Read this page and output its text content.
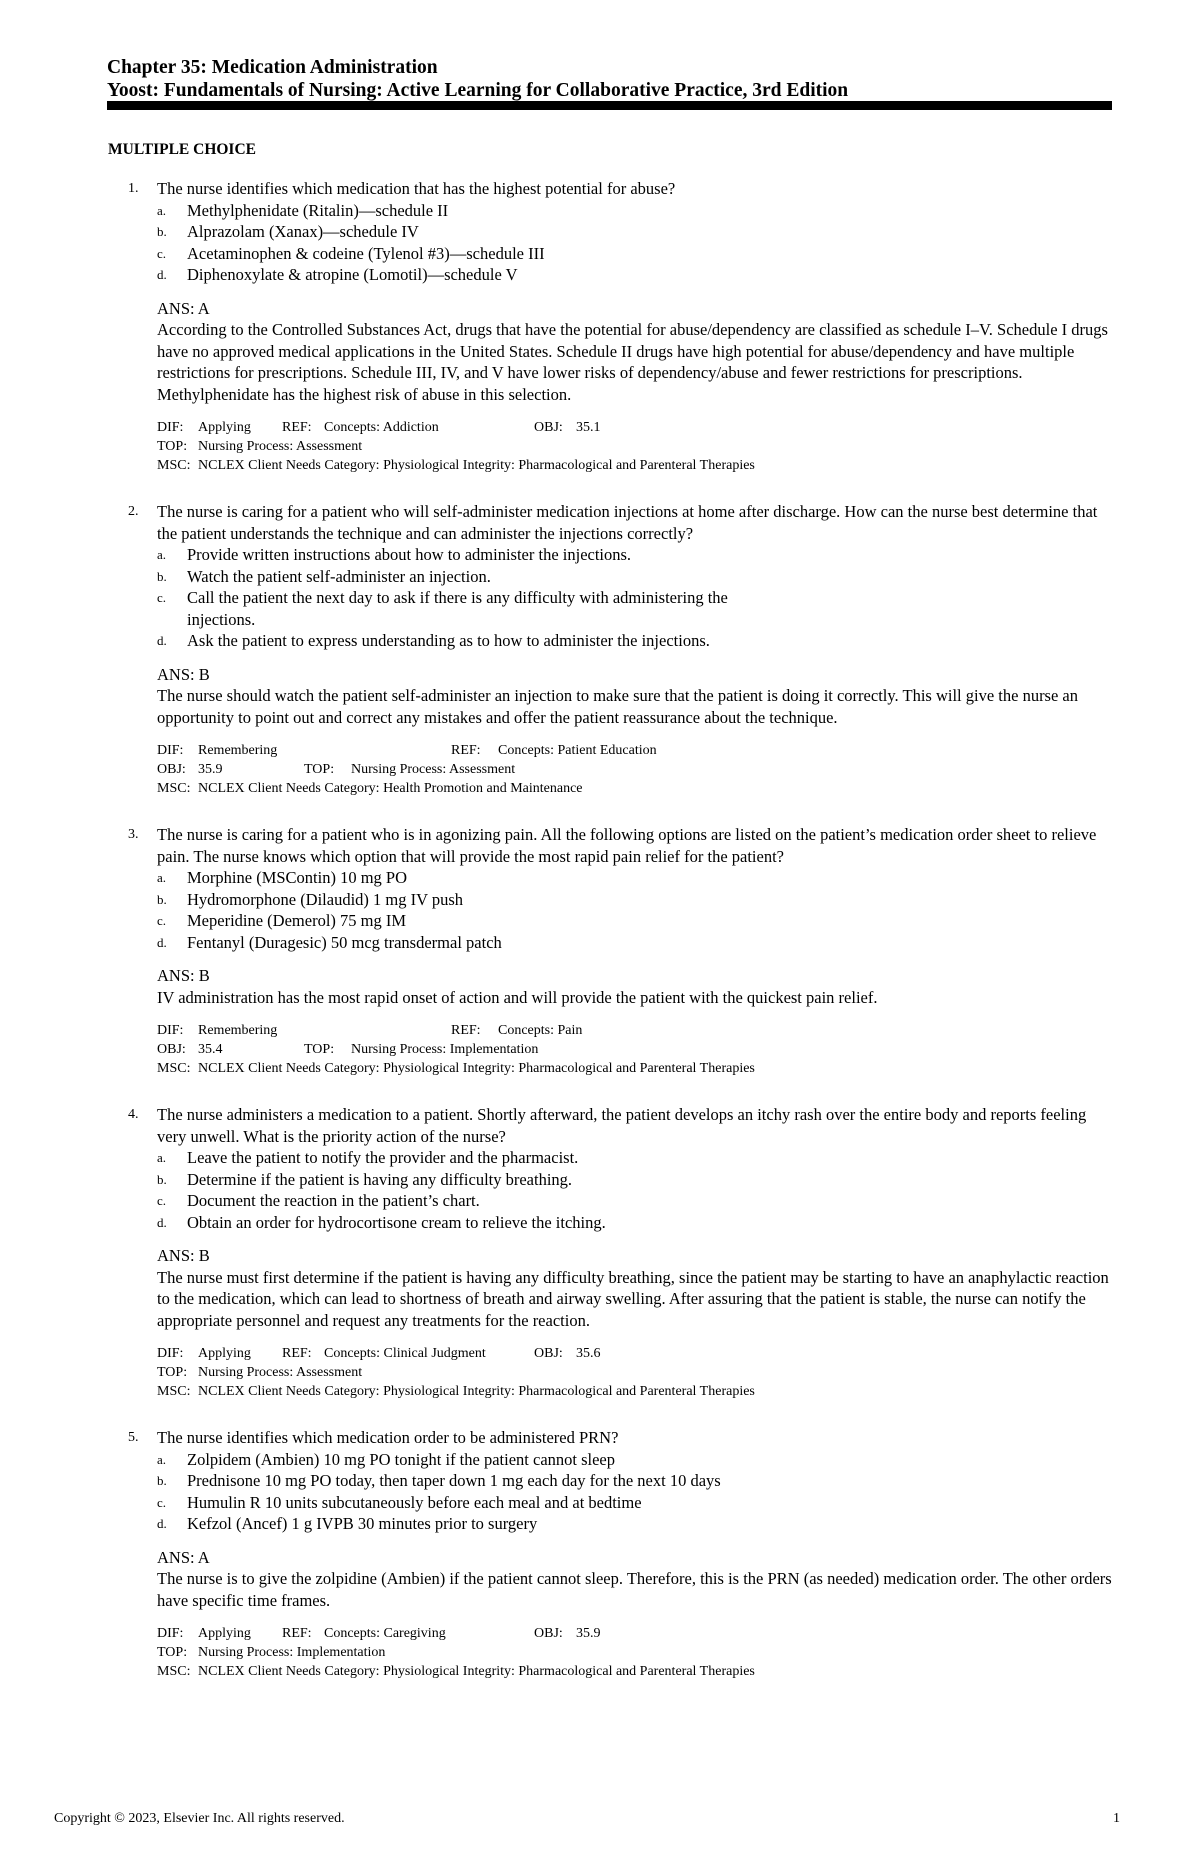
Chapter 35: Medication Administration
Yoost: Fundamentals of Nursing: Active Learning for Collaborative Practice, 3rd Edition
MULTIPLE CHOICE
1. The nurse identifies which medication that has the highest potential for abuse?
a. Methylphenidate (Ritalin)—schedule II
b. Alprazolam (Xanax)—schedule IV
c. Acetaminophen & codeine (Tylenol #3)—schedule III
d. Diphenoxylate & atropine (Lomotil)—schedule V
ANS: A
According to the Controlled Substances Act, drugs that have the potential for abuse/dependency are classified as schedule I–V. Schedule I drugs have no approved medical applications in the United States. Schedule II drugs have high potential for abuse/dependency and have multiple restrictions for prescriptions. Schedule III, IV, and V have lower risks of dependency/abuse and fewer restrictions for prescriptions. Methylphenidate has the highest risk of abuse in this selection.
DIF: Applying REF: Concepts: Addiction	OBJ: 35.1
TOP: Nursing Process: Assessment
MSC: NCLEX Client Needs Category: Physiological Integrity: Pharmacological and Parenteral Therapies
2. The nurse is caring for a patient who will self-administer medication injections at home after discharge. How can the nurse best determine that the patient understands the technique and can administer the injections correctly?
a. Provide written instructions about how to administer the injections.
b. Watch the patient self-administer an injection.
c. Call the patient the next day to ask if there is any difficulty with administering the injections.
d. Ask the patient to express understanding as to how to administer the injections.
ANS: B
The nurse should watch the patient self-administer an injection to make sure that the patient is doing it correctly. This will give the nurse an opportunity to point out and correct any mistakes and offer the patient reassurance about the technique.
DIF: Remembering	REF: Concepts: Patient Education
OBJ: 35.9	TOP: Nursing Process: Assessment
MSC: NCLEX Client Needs Category: Health Promotion and Maintenance
3. The nurse is caring for a patient who is in agonizing pain. All the following options are listed on the patient’s medication order sheet to relieve pain. The nurse knows which option that will provide the most rapid pain relief for the patient?
a. Morphine (MSContin) 10 mg PO
b. Hydromorphone (Dilaudid) 1 mg IV push
c. Meperidine (Demerol) 75 mg IM
d. Fentanyl (Duragesic) 50 mcg transdermal patch
ANS: B
IV administration has the most rapid onset of action and will provide the patient with the quickest pain relief.
DIF: Remembering	REF: Concepts: Pain
OBJ: 35.4	TOP: Nursing Process: Implementation
MSC: NCLEX Client Needs Category: Physiological Integrity: Pharmacological and Parenteral Therapies
4. The nurse administers a medication to a patient. Shortly afterward, the patient develops an itchy rash over the entire body and reports feeling very unwell. What is the priority action of the nurse?
a. Leave the patient to notify the provider and the pharmacist.
b. Determine if the patient is having any difficulty breathing.
c. Document the reaction in the patient’s chart.
d. Obtain an order for hydrocortisone cream to relieve the itching.
ANS: B
The nurse must first determine if the patient is having any difficulty breathing, since the patient may be starting to have an anaphylactic reaction to the medication, which can lead to shortness of breath and airway swelling. After assuring that the patient is stable, the nurse can notify the appropriate personnel and request any treatments for the reaction.
DIF: Applying REF: Concepts: Clinical Judgment	OBJ: 35.6
TOP: Nursing Process: Assessment
MSC: NCLEX Client Needs Category: Physiological Integrity: Pharmacological and Parenteral Therapies
5. The nurse identifies which medication order to be administered PRN?
a. Zolpidem (Ambien) 10 mg PO tonight if the patient cannot sleep
b. Prednisone 10 mg PO today, then taper down 1 mg each day for the next 10 days
c. Humulin R 10 units subcutaneously before each meal and at bedtime
d. Kefzol (Ancef) 1 g IVPB 30 minutes prior to surgery
ANS: A
The nurse is to give the zolpidine (Ambien) if the patient cannot sleep. Therefore, this is the PRN (as needed) medication order. The other orders have specific time frames.
DIF: Applying REF: Concepts: Caregiving	OBJ: 35.9
TOP: Nursing Process: Implementation
MSC: NCLEX Client Needs Category: Physiological Integrity: Pharmacological and Parenteral Therapies
Copyright © 2023, Elsevier Inc. All rights reserved.	1
